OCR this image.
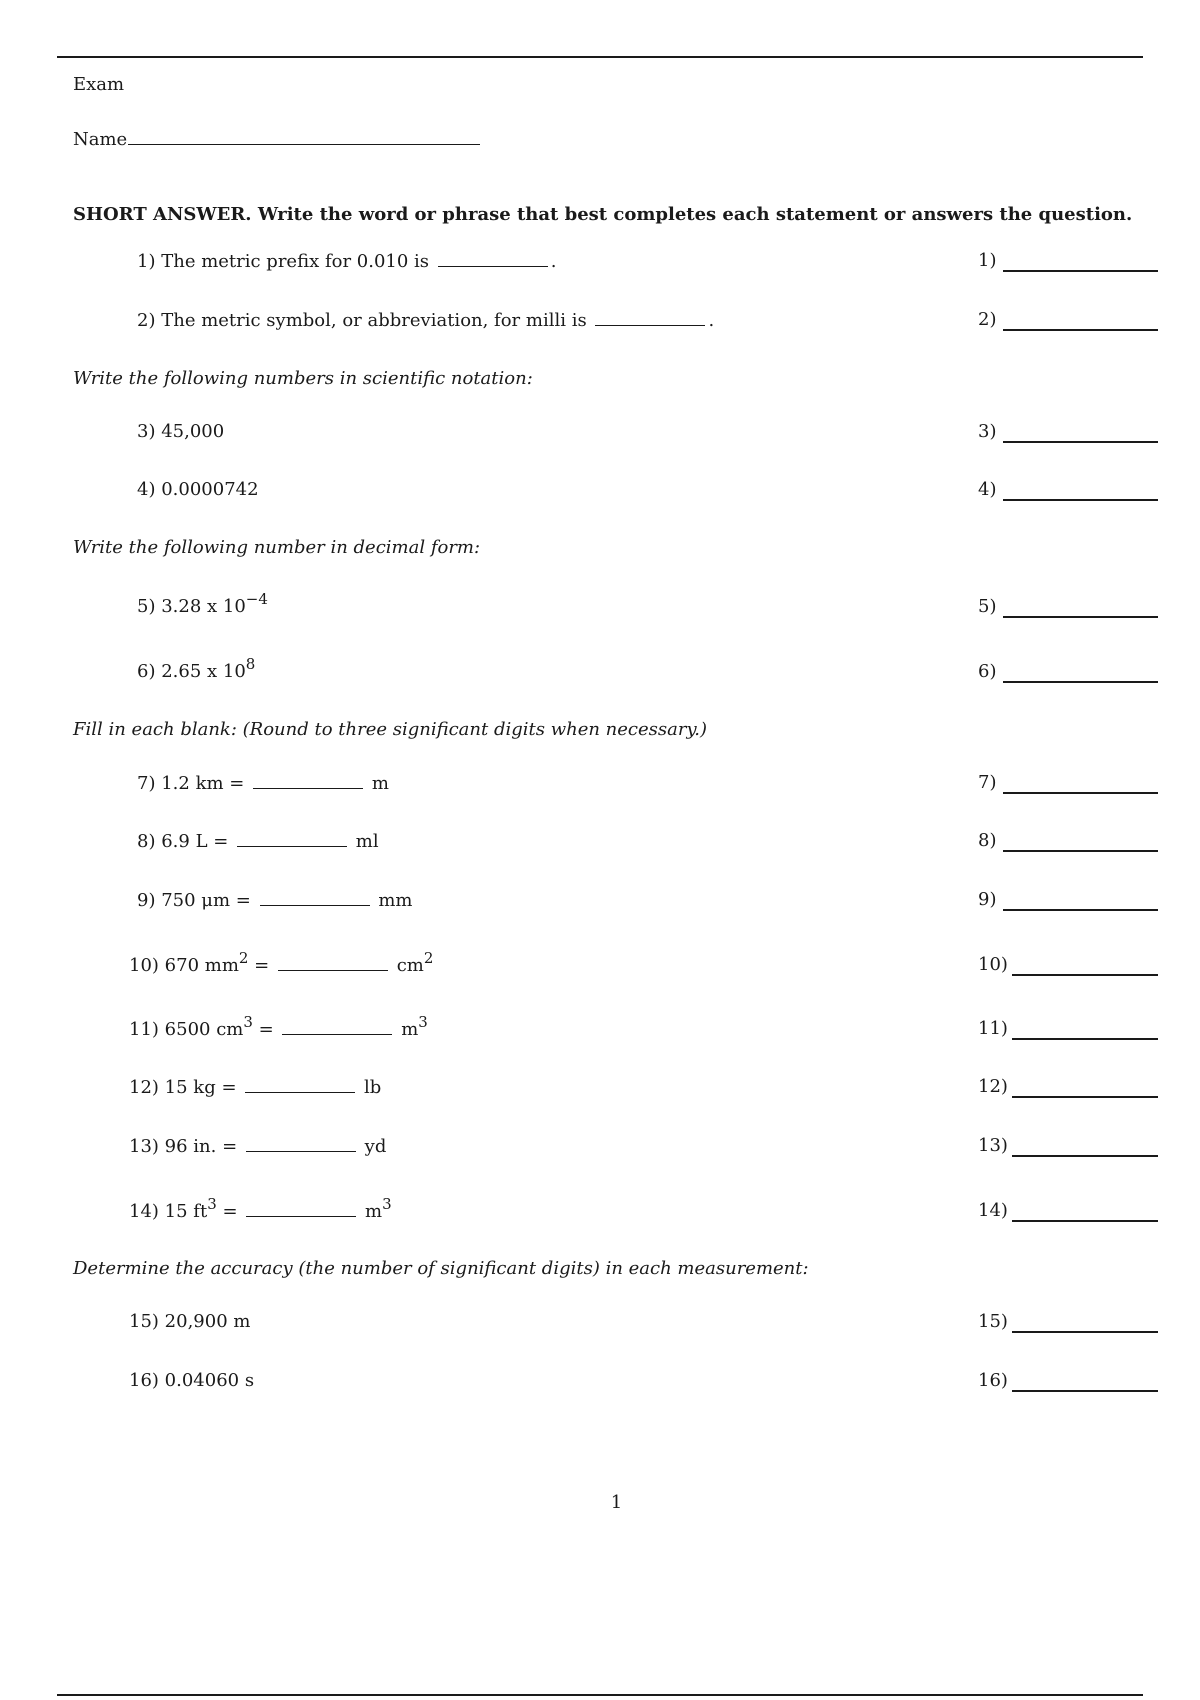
Exam
Name
SHORT ANSWER. Write the word or phrase that best completes each statement or answers the question.
1) The metric prefix for 0.010 is	.	1)
2) The metric symbol, or abbreviation, for milli is	.	2)
Write the following numbers in scientific notation:
3) 45,000	3)
4) 0.0000742	4)
Write the following number in decimal form:
5) 3.28 x $10^{-4}$	5)
6) 2.65 x $10^8$	6)
Fill in each blank: (Round to three significant digits when necessary.)
7) 1.2 km =	m	7)
8) 6.9 L =	ml	8)
9) 750 μm =	mm	9)
10) 670 $mm^2$ =	$cm^2$	10)
11) 6500 $cm^3$ =	$m^3$	11)
12) 15 kg =	lb	12)
13) 96 in. =	yd	13)
14) 15 $ft^3$ =	$m^3$	14)
Determine the accuracy (the number of significant digits) in each measurement:
15) 20,900 m	15)
16) 0.04060 s	16)
1
